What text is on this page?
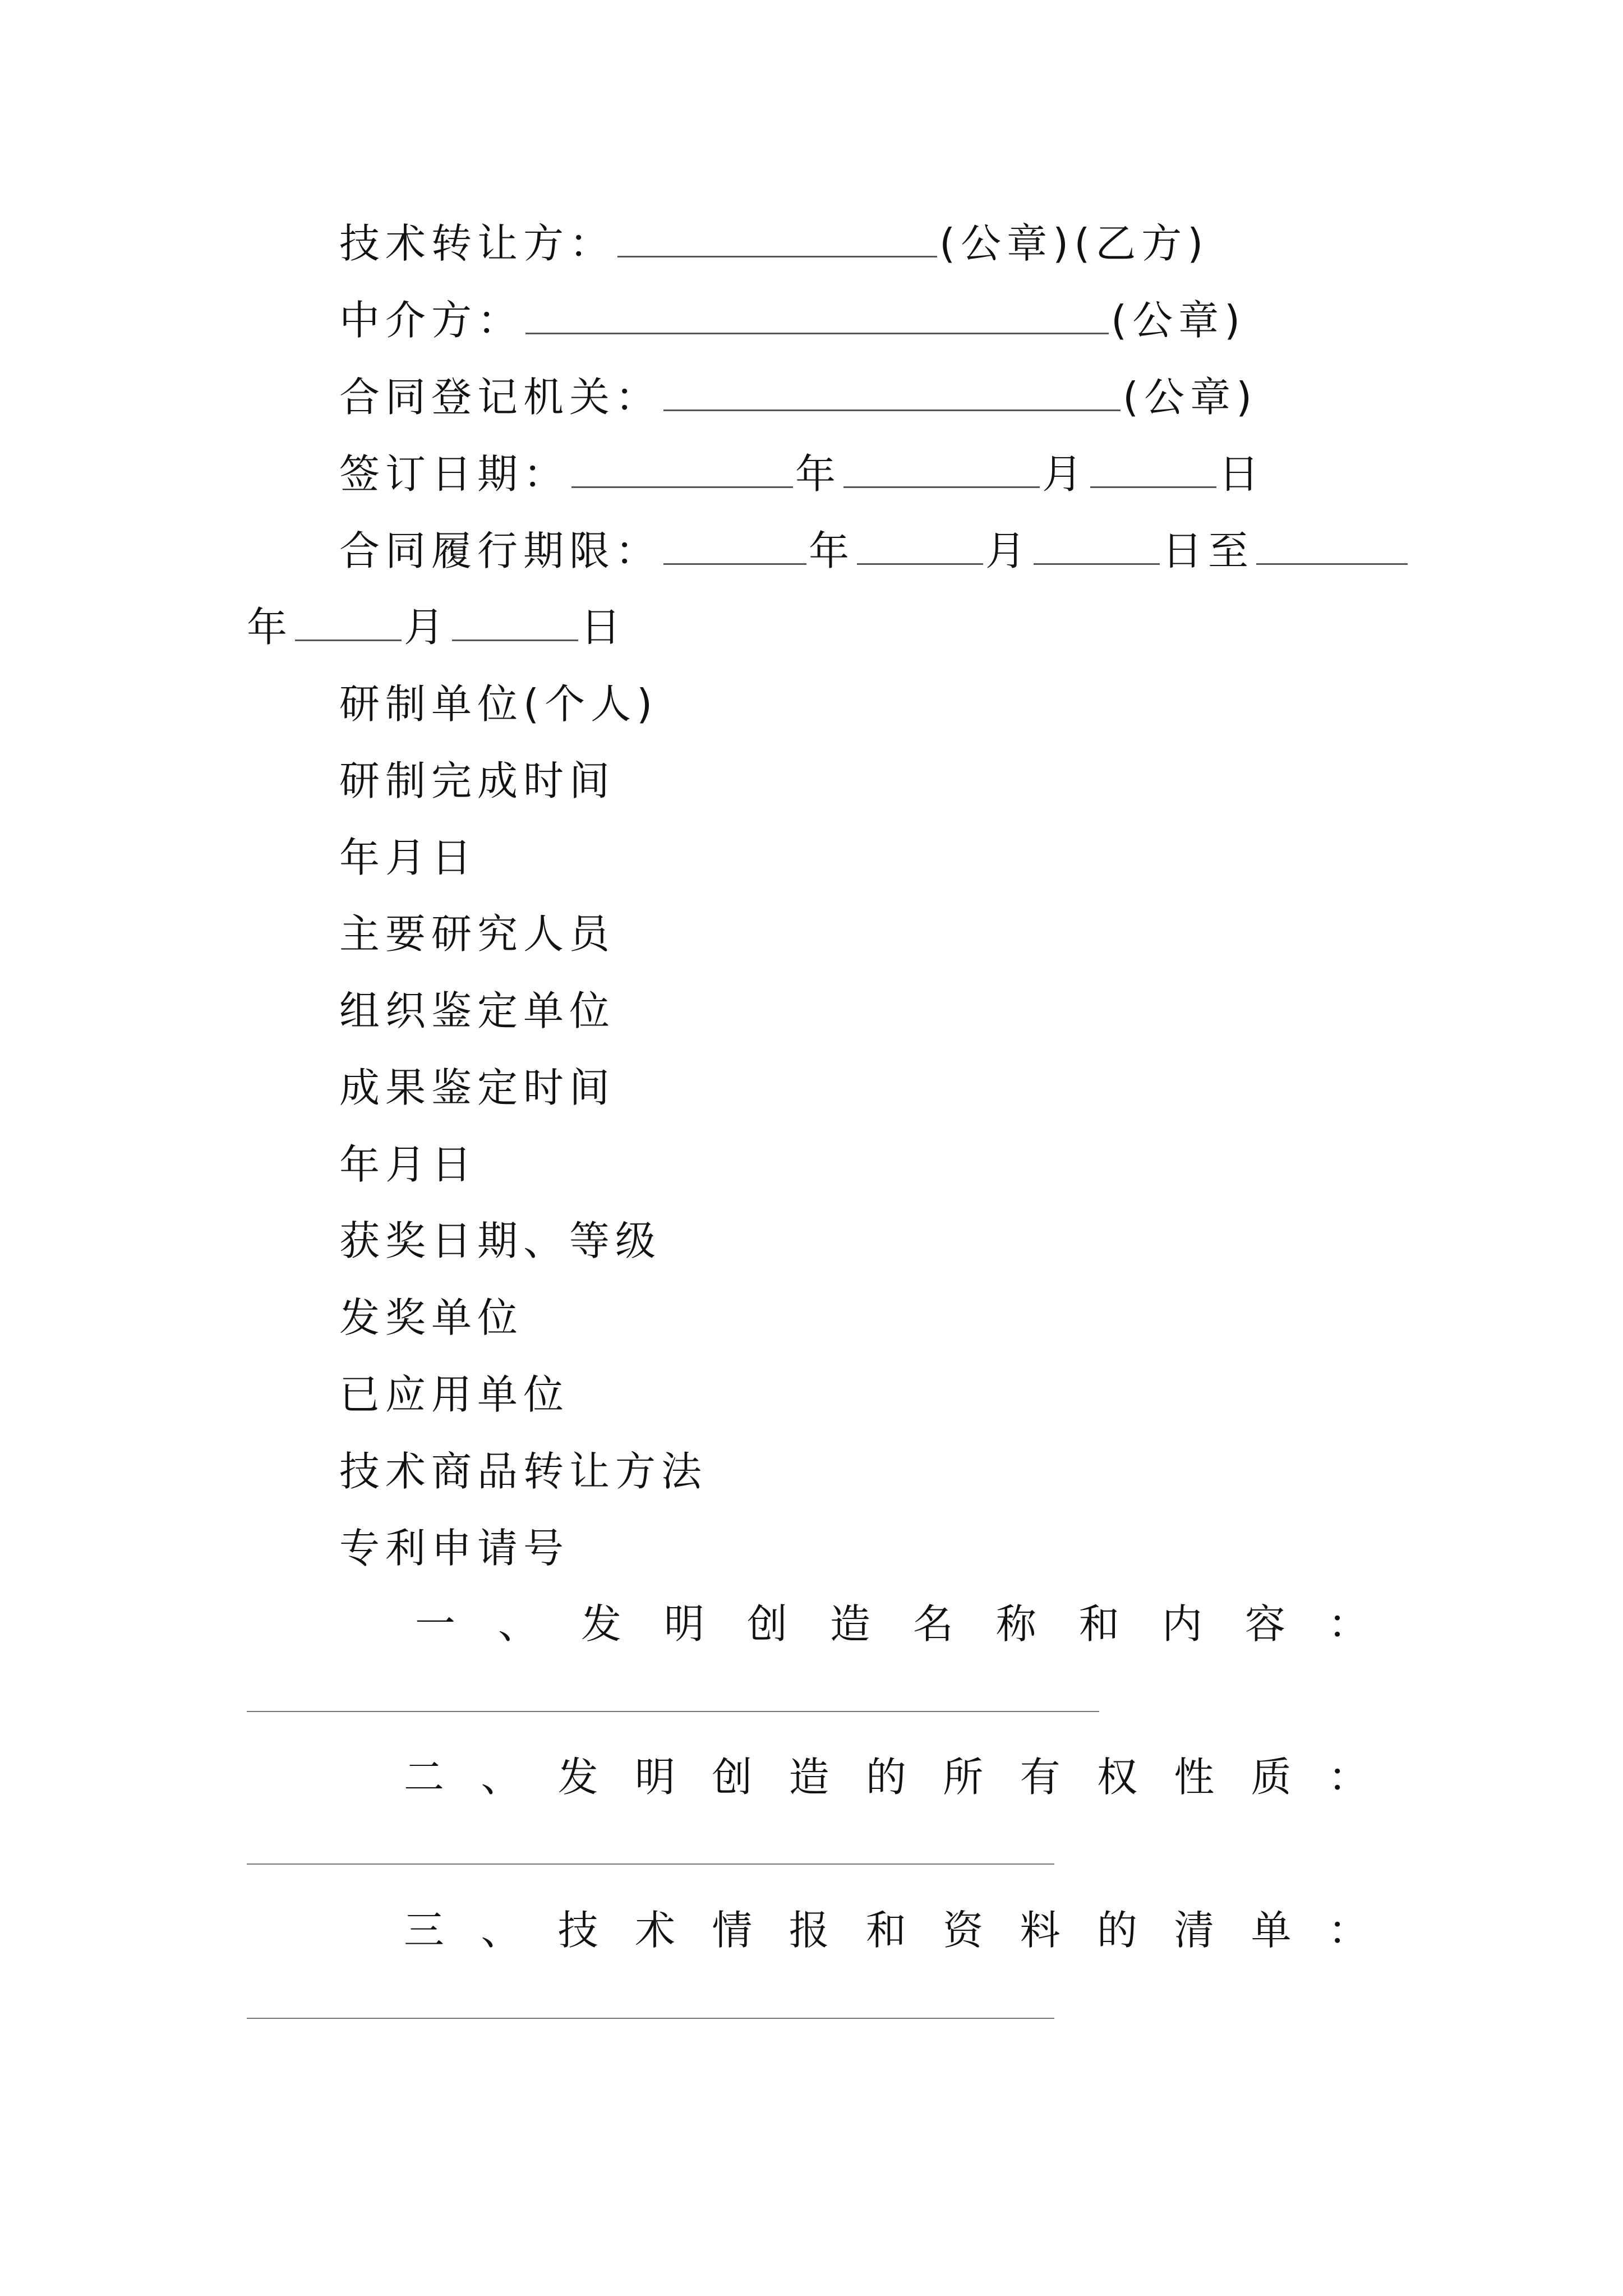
技术转让方：	(公章)(乙方)
中介方：	(公章)
合同登记机关：	(公章)
签订日期：	年	月	日
合同履行期限：	年	月	日至
年	月	日
研制单位(个人)
研制完成时间
年月日
主要研究人员
组织鉴定单位
成果鉴定时间
年月日
获奖日期、等级
发奖单位
已应用单位
技术商品转让方法
专利申请号
一 、 发 明 创 造 名 称 和 内 容 ：
二 、 发 明 创 造 的 所 有 权 性 质 ：
三 、 技 术 情 报 和 资 料 的 清 单 ：
